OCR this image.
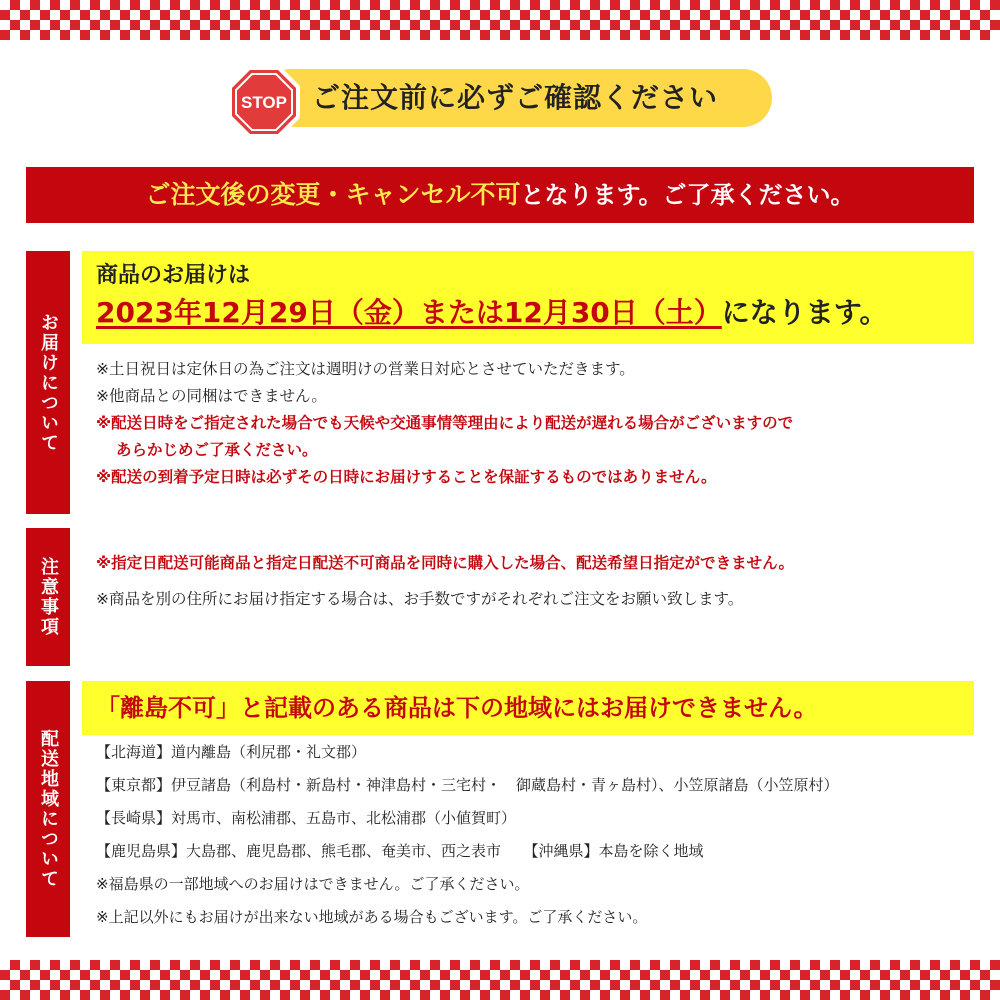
STOP ご注文前に必ずご確認ください
ご注文後の変更・キャンセル不可となります。ご了承ください。
お届けについて
商品のお届けは
2023年12月29日（金）または12月30日（土）になります。
※土日祝日は定休日の為ご注文は週明けの営業日対応とさせていただきます。
※他商品との同梱はできません。
※配送日時をご指定された場合でも天候や交通事情等理由により配送が遅れる場合がございますので
あらかじめご了承ください。
※配送の到着予定日時は必ずその日時にお届けすることを保証するものではありません。
注意事項 ※指定日配送可能商品と指定日配送不可商品を同時に購入した場合、配送希望日指定ができません。
※商品を別の住所にお届け指定する場合は、お手数ですがそれぞれご注文をお願い致します。
配送地域について
「離島不可」と記載のある商品は下の地域にはお届けできません。
【北海道】道内離島（利尻郡・礼文郡）
【東京都】伊豆諸島（利島村・新島村・神津島村・三宅村・　御蔵島村・青ヶ島村）、小笠原諸島（小笠原村）
【長崎県】対馬市、南松浦郡、五島市、北松浦郡（小値賀町）
【鹿児島県】大島郡、鹿児島郡、熊毛郡、奄美市、西之表市　　【沖縄県】本島を除く地域
※福島県の一部地域へのお届けはできません。ご了承ください。
※上記以外にもお届けが出来ない地域がある場合もございます。ご了承ください。
